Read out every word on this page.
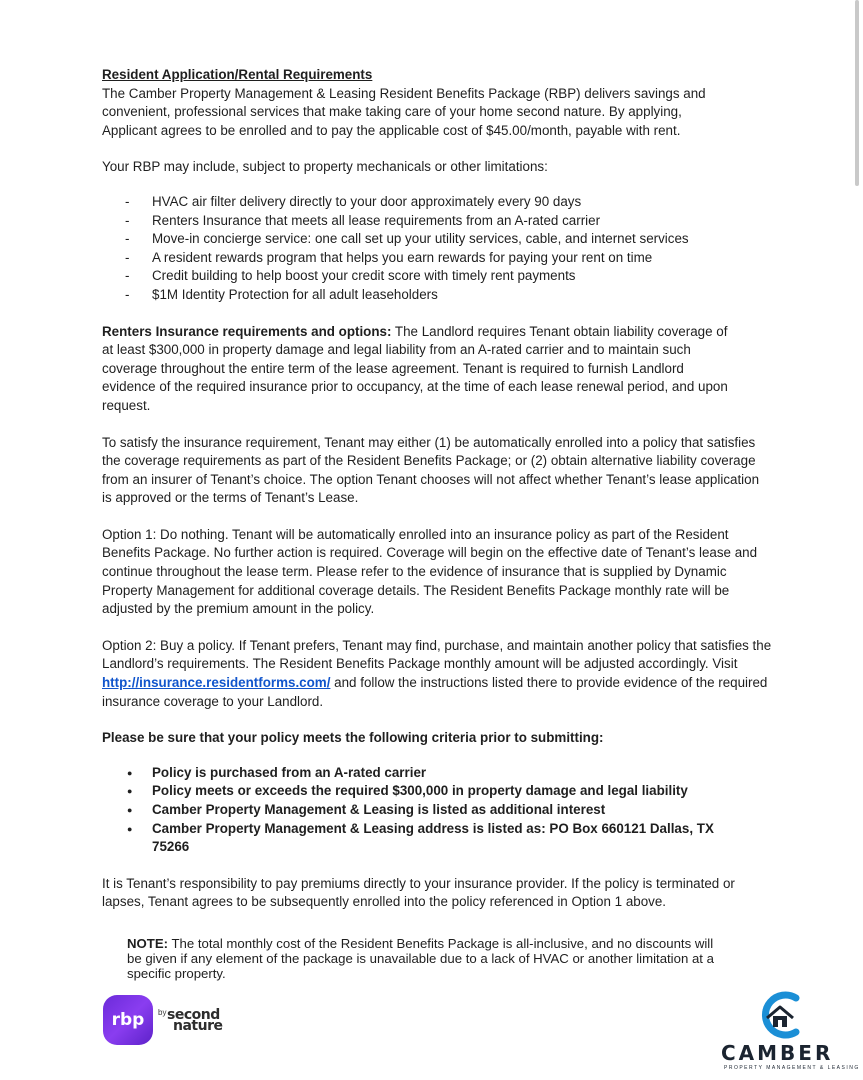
Resident Application/Rental Requirements

The Camber Property Management & Leasing Resident Benefits Package (RBP) delivers savings and
convenient, professional services that make taking care of your home second nature. By applying,
Applicant agrees to be enrolled and to pay the applicable cost of $45.00/month, payable with rent.

Your RBP may include, subject to property mechanicals or other limitations:

- HVAC air filter delivery directly to your door approximately every 90 days
- Renters Insurance that meets all lease requirements from an A-rated carrier
- Move-in concierge service: one call set up your utility services, cable, and internet services
- A resident rewards program that helps you earn rewards for paying your rent on time
- Credit building to help boost your credit score with timely rent payments
- $1M Identity Protection for all adult leaseholders

Renters Insurance requirements and options: The Landlord requires Tenant obtain liability coverage of
at least $300,000 in property damage and legal liability from an A-rated carrier and to maintain such
coverage throughout the entire term of the lease agreement. Tenant is required to furnish Landlord
evidence of the required insurance prior to occupancy, at the time of each lease renewal period, and upon
request.

To satisfy the insurance requirement, Tenant may either (1) be automatically enrolled into a policy that satisfies
the coverage requirements as part of the Resident Benefits Package; or (2) obtain alternative liability coverage
from an insurer of Tenant’s choice. The option Tenant chooses will not affect whether Tenant’s lease application
is approved or the terms of Tenant’s Lease.

Option 1: Do nothing. Tenant will be automatically enrolled into an insurance policy as part of the Resident
Benefits Package. No further action is required. Coverage will begin on the effective date of Tenant’s lease and
continue throughout the lease term. Please refer to the evidence of insurance that is supplied by Dynamic
Property Management for additional coverage details. The Resident Benefits Package monthly rate will be
adjusted by the premium amount in the policy.

Option 2: Buy a policy. If Tenant prefers, Tenant may find, purchase, and maintain another policy that satisfies the
Landlord’s requirements. The Resident Benefits Package monthly amount will be adjusted accordingly. Visit
http://insurance.residentforms.com/ and follow the instructions listed there to provide evidence of the required
insurance coverage to your Landlord.

Please be sure that your policy meets the following criteria prior to submitting:

● Policy is purchased from an A-rated carrier
● Policy meets or exceeds the required $300,000 in property damage and legal liability
● Camber Property Management & Leasing is listed as additional interest
● Camber Property Management & Leasing address is listed as: PO Box 660121 Dallas, TX
75266

It is Tenant’s responsibility to pay premiums directly to your insurance provider. If the policy is terminated or
lapses, Tenant agrees to be subsequently enrolled into the policy referenced in Option 1 above.

NOTE: The total monthly cost of the Resident Benefits Package is all-inclusive, and no discounts will
be given if any element of the package is unavailable due to a lack of HVAC or another limitation at a
specific property.

rbp	by second
nature
CAMBER
PROPERTY MANAGEMENT & LEASING
